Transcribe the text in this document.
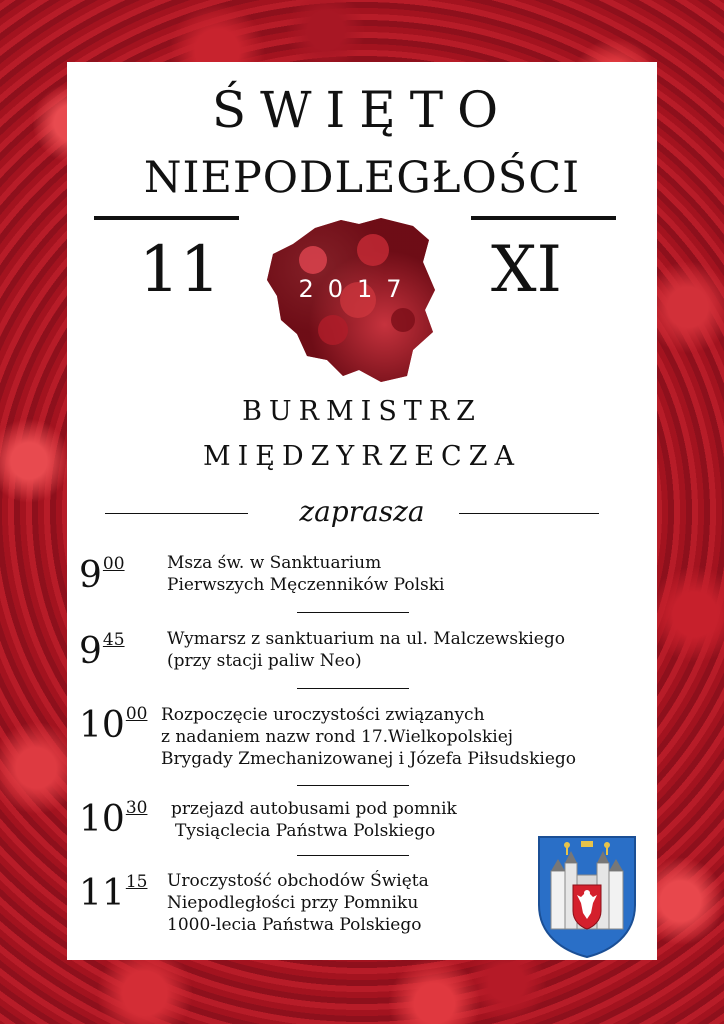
ŚWIĘTO
NIEPODLEGŁOŚCI
11	XI
2017
BURMISTRZ
MIĘDZYRZECZA
zaprasza
900 Msza św. w Sanktuarium
Pierwszych Męczenników Polski
945 Wymarsz z sanktuarium na ul. Malczewskiego
(przy stacji paliw Neo)
1000 Rozpoczęcie uroczystości związanych
z nadaniem nazw rond 17.Wielkopolskiej
Brygady Zmechanizowanej i Józefa Piłsudskiego
1030 przejazd autobusami pod pomnik
Tysiąclecia Państwa Polskiego
1115 Uroczystość obchodów Święta
Niepodległości przy Pomniku
1000-lecia Państwa Polskiego
